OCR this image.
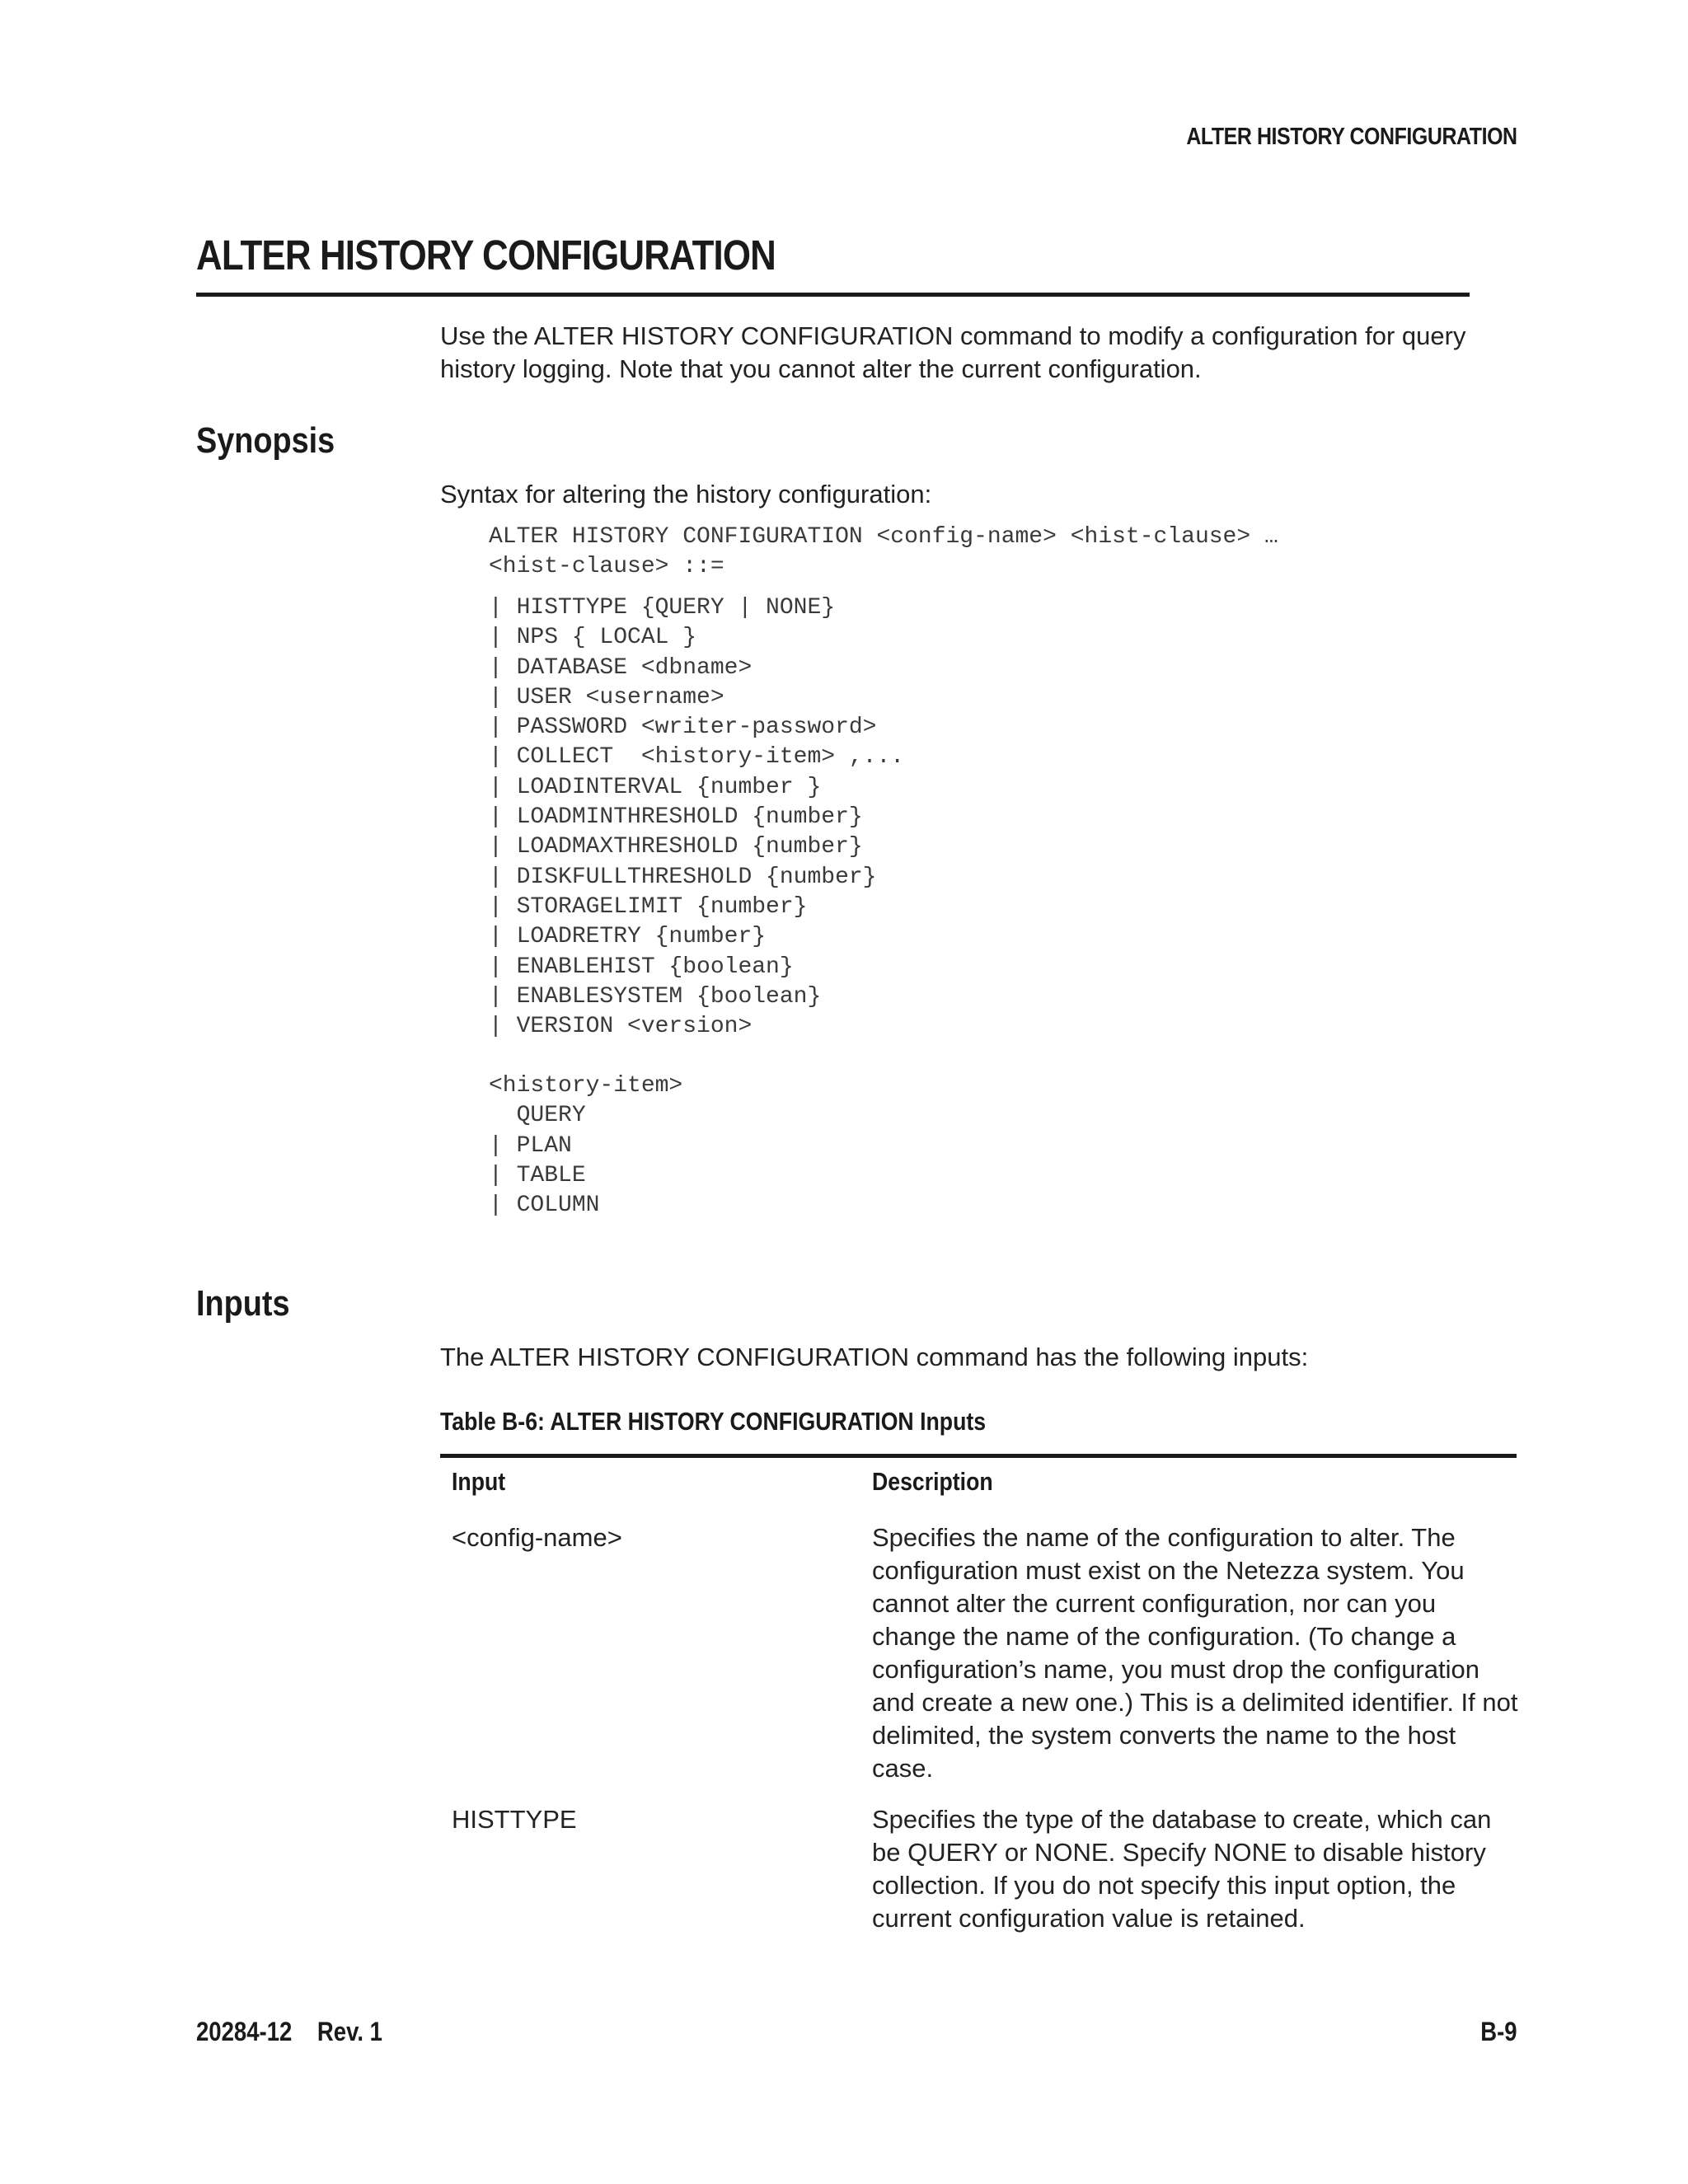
ALTER HISTORY CONFIGURATION
ALTER HISTORY CONFIGURATION
Use the ALTER HISTORY CONFIGURATION command to modify a configuration for query history logging. Note that you cannot alter the current configuration.
Synopsis
Syntax for altering the history configuration:
ALTER HISTORY CONFIGURATION <config-name> <hist-clause> …
<hist-clause> ::=
| HISTTYPE {QUERY | NONE}
| NPS { LOCAL }
| DATABASE <dbname>
| USER <username>
| PASSWORD <writer-password>
| COLLECT  <history-item> ,...
| LOADINTERVAL {number }
| LOADMINTHRESHOLD {number}
| LOADMAXTHRESHOLD {number}
| DISKFULLTHRESHOLD {number}
| STORAGELIMIT {number}
| LOADRETRY {number}
| ENABLEHIST {boolean}
| ENABLESYSTEM {boolean}
| VERSION <version>
<history-item>
QUERY
| PLAN
| TABLE
| COLUMN
Inputs
The ALTER HISTORY CONFIGURATION command has the following inputs:
Table B-6: ALTER HISTORY CONFIGURATION Inputs
Input	Description
<config-name>	Specifies the name of the configuration to alter. The configuration must exist on the Netezza system. You cannot alter the current configuration, nor can you change the name of the configuration. (To change a configuration’s name, you must drop the configuration and create a new one.) This is a delimited identifier. If not delimited, the system converts the name to the host case.
HISTTYPE	Specifies the type of the database to create, which can be QUERY or NONE. Specify NONE to disable history collection. If you do not specify this input option, the current configuration value is retained.
20284-12    Rev. 1	B-9
